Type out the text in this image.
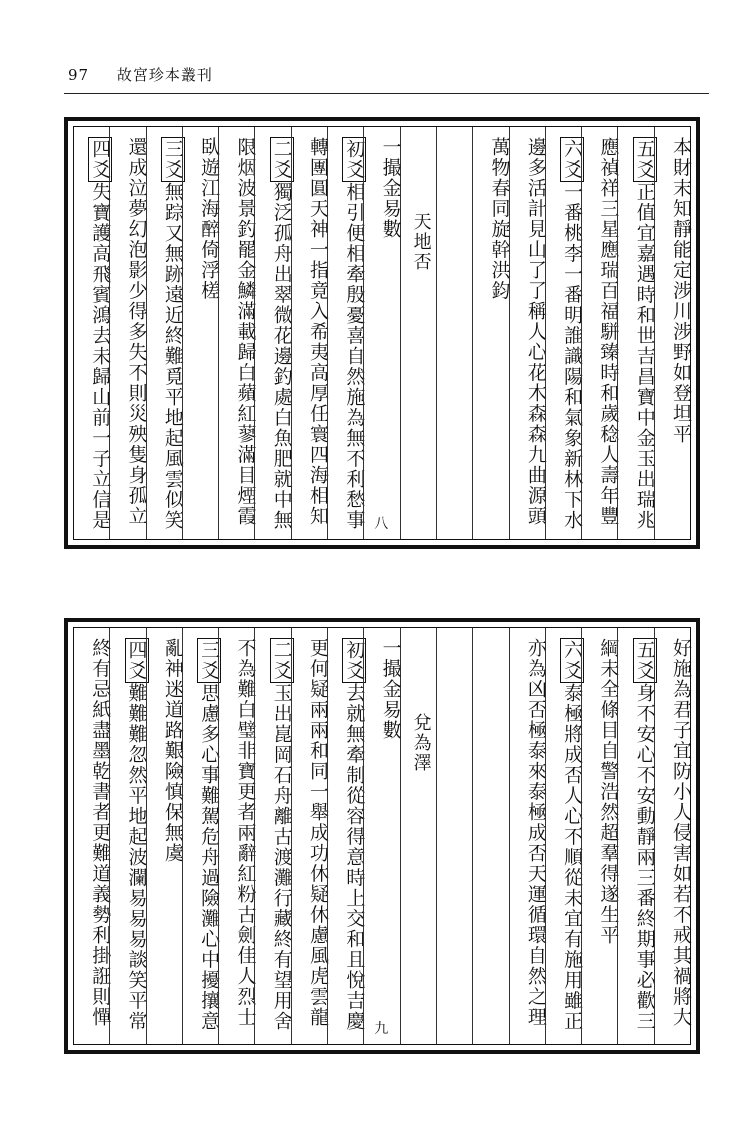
97 故宮珍本叢刊
本財末知靜能定涉川涉野如登坦平
五爻正值宜嘉遇時和世吉昌寶中金玉出瑞兆
應禎祥三星應瑞百福駢臻時和歲稔人壽年豐
六爻一番桃李一番明誰識陽和氣象新林下水
邊多活計見山了了稱人心花木森森九曲源頭
萬物春同旋幹洪鈞
一撮金易數
天地否
八
初爻相引便相牽殷憂喜自然施為無不利愁事
轉團圓天神一指竟入希夷高厚任寰四海相知
二爻獨泛孤舟出翠微花邊釣處白魚肥就中無
限烟波景釣罷金鱗滿載歸白蘋紅蓼滿目煙霞
臥遊江海醉倚浮槎
三爻無踪又無跡遠近終難覓平地起風雲似笑
還成泣夢幻泡影少得多失不則災殃隻身孤立
四爻失寶護高飛賓鴻去未歸山前一子立信是
好施為君子宜防小人侵害如若不戒其禍將大
五爻身不安心不安動靜兩三番終期事必歡三
綱未全條目自警浩然超羣得遂生平
六爻泰極將成否人心不順從未宜有施用雖正
亦為凶否極泰來泰極成否天運循環自然之理
一撮金易數
兌為澤
九
初爻去就無牽制從容得意時上交和且悅吉慶
更何疑兩兩和同一舉成功休疑休慮風虎雲龍
二爻玉出崑岡石舟離古渡灘行藏終有望用舍
不為難白璧非寶更者兩辭紅粉古劍佳人烈士
三爻思慮多心事難駕危舟過險灘心中擾攘意
亂神迷道路艱險慎保無虞
四爻難難難忽然平地起波瀾易易易談笑平常
終有忌紙盡墨乾書者更難道義勢利掛誑則憚
